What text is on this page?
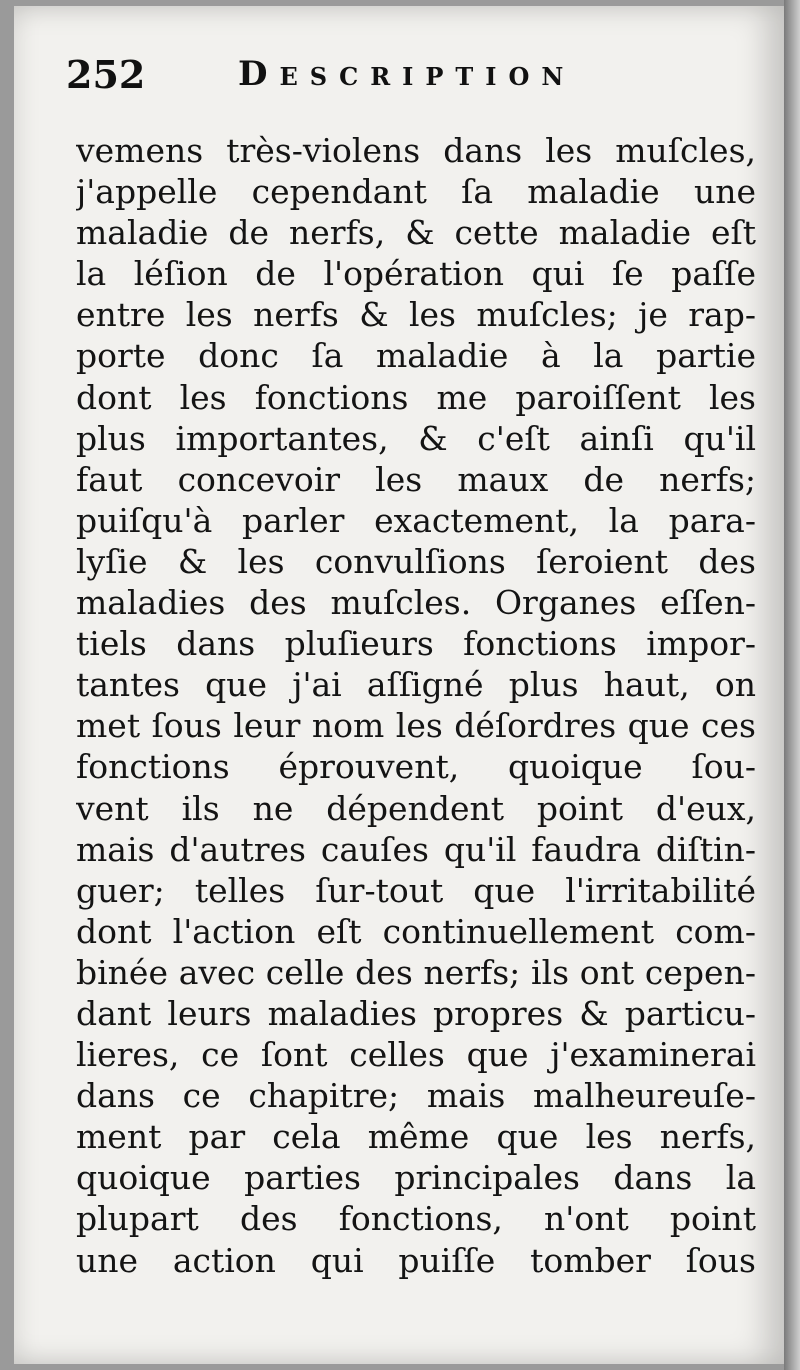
252	Description
vemens très-violens dans les muſcles,
j'appelle cependant ſa maladie une
maladie de nerfs, & cette maladie eſt
la léſion de l'opération qui ſe paſſe
entre les nerfs & les muſcles; je rap-
porte donc ſa maladie à la partie
dont les fonctions me paroiſſent les
plus importantes, & c'eſt ainſi qu'il
faut concevoir les maux de nerfs;
puiſqu'à parler exactement, la para-
lyſie & les convulſions ſeroient des
maladies des muſcles. Organes eſſen-
tiels dans pluſieurs fonctions impor-
tantes que j'ai aſſigné plus haut, on
met ſous leur nom les déſordres que ces
fonctions éprouvent, quoique ſou-
vent ils ne dépendent point d'eux,
mais d'autres cauſes qu'il faudra diſtin-
guer; telles ſur-tout que l'irritabilité
dont l'action eſt continuellement com-
binée avec celle des nerfs; ils ont cepen-
dant leurs maladies propres & particu-
lieres, ce ſont celles que j'examinerai
dans ce chapitre; mais malheureuſe-
ment par cela même que les nerfs,
quoique parties principales dans la
plupart des fonctions, n'ont point
une action qui puiſſe tomber ſous
